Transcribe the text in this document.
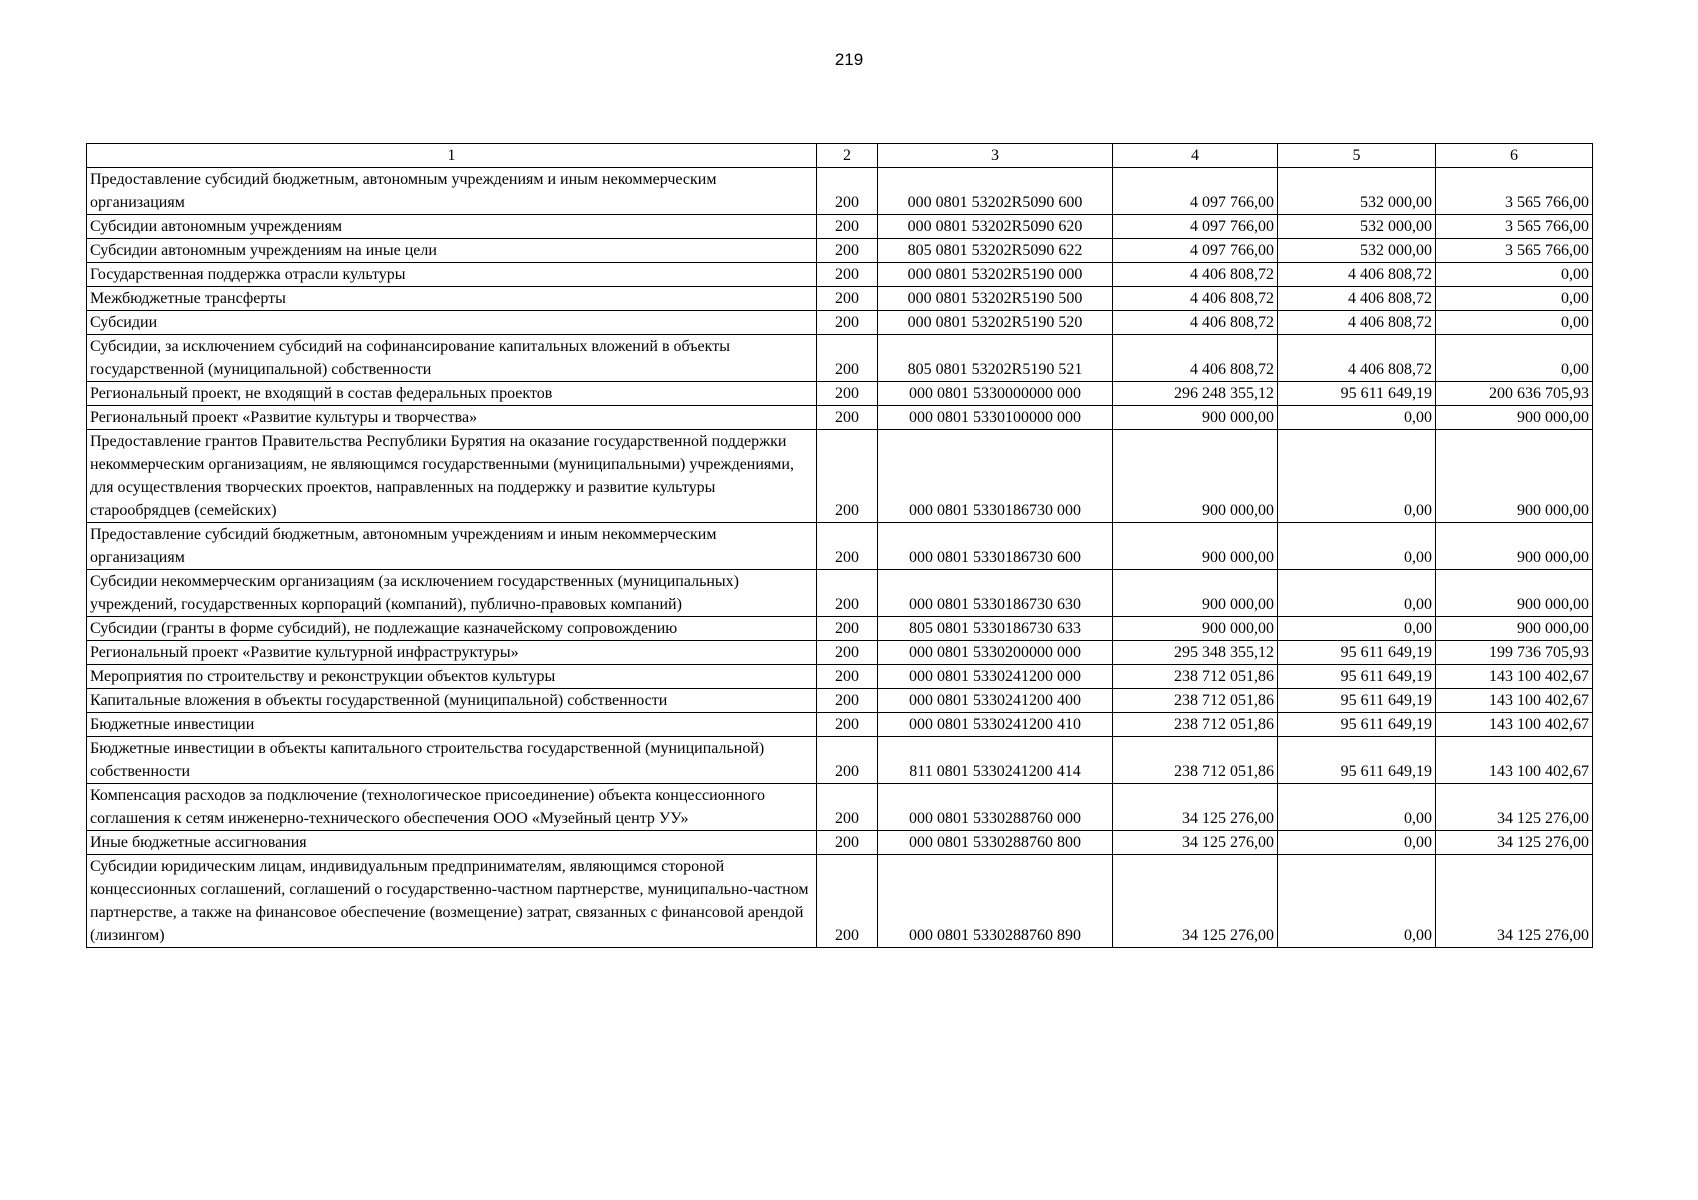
219
1	2	3	4	5	6
Предоставление субсидий бюджетным, автономным учреждениям и иным некоммерческим организациям	200	000 0801 53202R5090 600	4 097 766,00	532 000,00	3 565 766,00
Субсидии автономным учреждениям	200	000 0801 53202R5090 620	4 097 766,00	532 000,00	3 565 766,00
Субсидии автономным учреждениям на иные цели	200	805 0801 53202R5090 622	4 097 766,00	532 000,00	3 565 766,00
Государственная поддержка отрасли культуры	200	000 0801 53202R5190 000	4 406 808,72	4 406 808,72	0,00
Межбюджетные трансферты	200	000 0801 53202R5190 500	4 406 808,72	4 406 808,72	0,00
Субсидии	200	000 0801 53202R5190 520	4 406 808,72	4 406 808,72	0,00
Субсидии, за исключением субсидий на софинансирование капитальных вложений в объекты государственной (муниципальной) собственности	200	805 0801 53202R5190 521	4 406 808,72	4 406 808,72	0,00
Региональный проект, не входящий в состав федеральных проектов	200	000 0801 5330000000 000	296 248 355,12	95 611 649,19	200 636 705,93
Региональный проект «Развитие культуры и творчества»	200	000 0801 5330100000 000	900 000,00	0,00	900 000,00
Предоставление грантов Правительства Республики Бурятия на оказание государственной поддержки некоммерческим организациям, не являющимся государственными (муниципальными) учреждениями, для осуществления творческих проектов, направленных на поддержку и развитие культуры старообрядцев (семейских)	200	000 0801 5330186730 000	900 000,00	0,00	900 000,00
Предоставление субсидий бюджетным, автономным учреждениям и иным некоммерческим организациям	200	000 0801 5330186730 600	900 000,00	0,00	900 000,00
Субсидии некоммерческим организациям (за исключением государственных (муниципальных) учреждений, государственных корпораций (компаний), публично-правовых компаний)	200	000 0801 5330186730 630	900 000,00	0,00	900 000,00
Субсидии (гранты в форме субсидий), не подлежащие казначейскому сопровождению	200	805 0801 5330186730 633	900 000,00	0,00	900 000,00
Региональный проект «Развитие культурной инфраструктуры»	200	000 0801 5330200000 000	295 348 355,12	95 611 649,19	199 736 705,93
Мероприятия по строительству и реконструкции объектов культуры	200	000 0801 5330241200 000	238 712 051,86	95 611 649,19	143 100 402,67
Капитальные вложения в объекты государственной (муниципальной) собственности	200	000 0801 5330241200 400	238 712 051,86	95 611 649,19	143 100 402,67
Бюджетные инвестиции	200	000 0801 5330241200 410	238 712 051,86	95 611 649,19	143 100 402,67
Бюджетные инвестиции в объекты капитального строительства государственной (муниципальной) собственности	200	811 0801 5330241200 414	238 712 051,86	95 611 649,19	143 100 402,67
Компенсация расходов за подключение (технологическое присоединение) объекта концессионного соглашения к сетям инженерно-технического обеспечения ООО «Музейный центр УУ»	200	000 0801 5330288760 000	34 125 276,00	0,00	34 125 276,00
Иные бюджетные ассигнования	200	000 0801 5330288760 800	34 125 276,00	0,00	34 125 276,00
Субсидии юридическим лицам, индивидуальным предпринимателям, являющимся стороной концессионных соглашений, соглашений о государственно-частном партнерстве, муниципально-частном партнерстве, а также на финансовое обеспечение (возмещение) затрат, связанных с финансовой арендой (лизингом)	200	000 0801 5330288760 890	34 125 276,00	0,00	34 125 276,00
